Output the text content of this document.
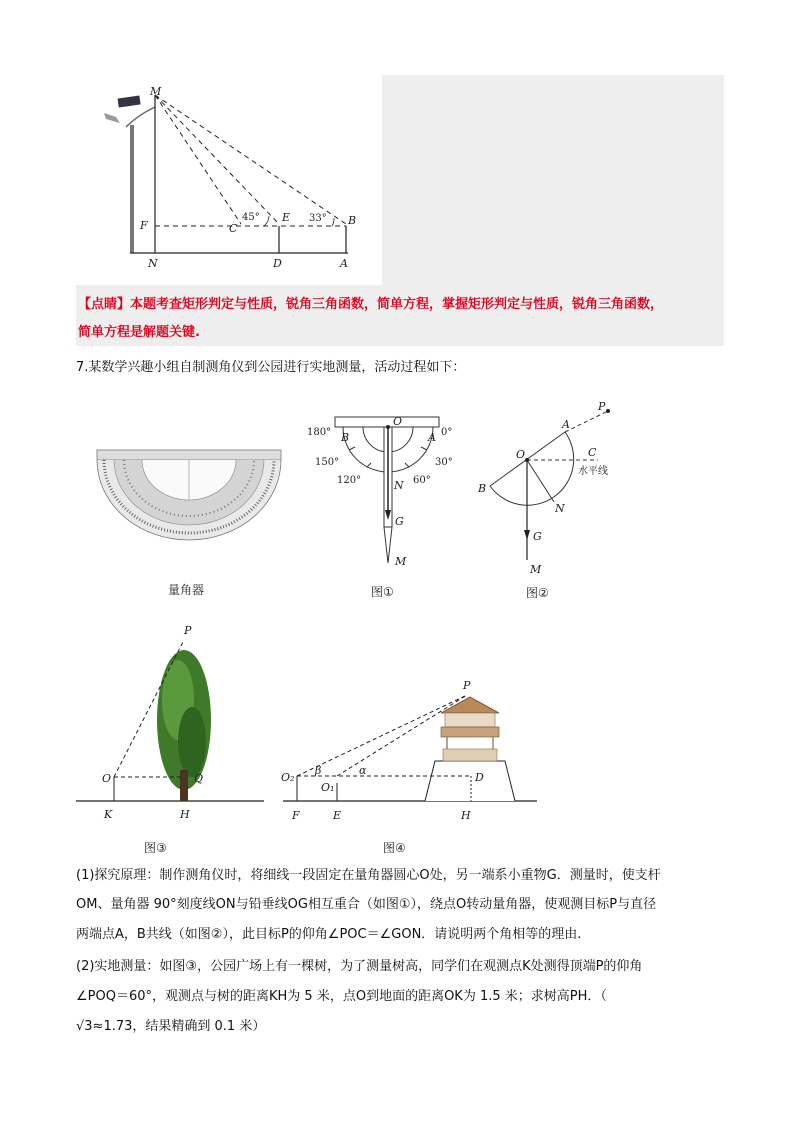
M
F	C
45° E 33° B
N	D	A
【点睛】本题考查矩形判定与性质，锐角三角函数，简单方程，掌握矩形判定与性质，锐角三角函数，
简单方程是解题关键.
7.某数学兴趣小组自制测角仪到公园进行实地测量，活动过程如下：
量角器
180° B
O
A 0°
150°	30°
120°	N 60°
G
M
图①
P
A
O	C
水平线
B
N
G
M
图②
P
O	Q
K	H
图③
P
O₂
β	α
O₁
D
F	E	H
图④
(1)探究原理：制作测角仪时，将细线一段固定在量角器圆心O处，另一端系小重物G．测量时，使支杆
OM、量角器 90°刻度线ON与铅垂线OG相互重合（如图①），绕点O转动量角器，使观测目标P与直径
两端点A，B共线（如图②），此目标P的仰角∠POC＝∠GON．请说明两个角相等的理由.
(2)实地测量：如图③，公园广场上有一棵树，为了测量树高，同学们在观测点K处测得顶端P的仰角
∠POQ＝60°，观测点与树的距离KH为 5 米，点O到地面的距离OK为 1.5 米；求树高PH．（
√3≈1.73，结果精确到 0.1 米）
